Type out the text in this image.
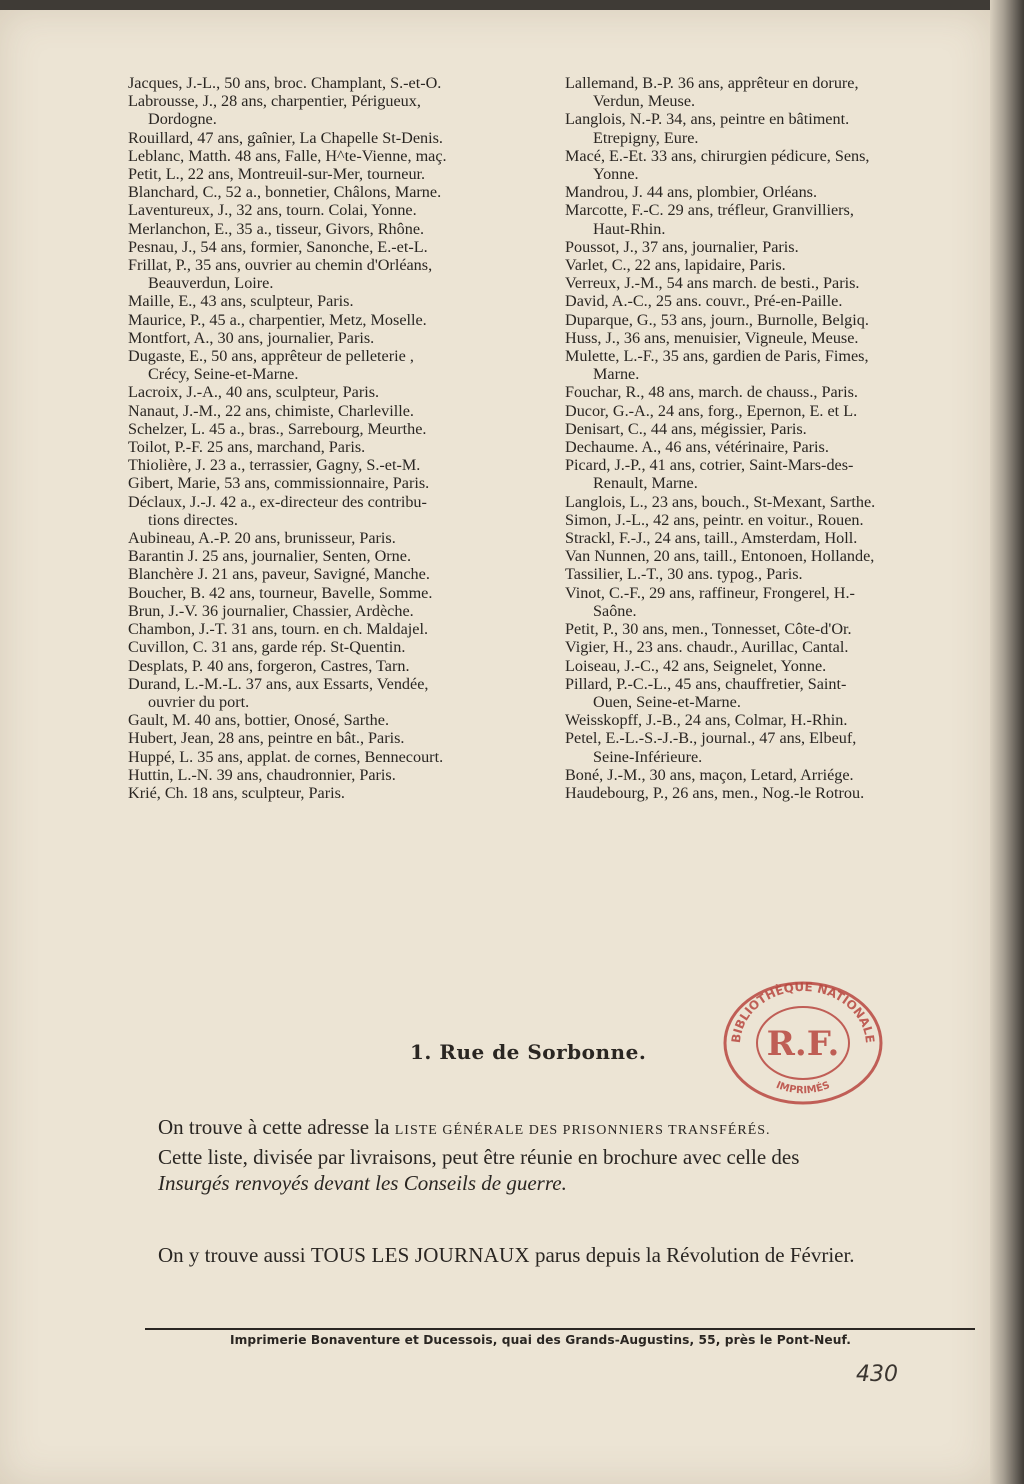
Jacques, J.-L., 50 ans, broc. Champlant, S.-et-O.
Labrousse, J., 28 ans, charpentier, Périgueux,
Dordogne.
Rouillard, 47 ans, gaînier, La Chapelle St-Denis.
Leblanc, Matth. 48 ans, Falle, H^te-Vienne, maç.
Petit, L., 22 ans, Montreuil-sur-Mer, tourneur.
Blanchard, C., 52 a., bonnetier, Châlons, Marne.
Laventureux, J., 32 ans, tourn. Colai, Yonne.
Merlanchon, E., 35 a., tisseur, Givors, Rhône.
Pesnau, J., 54 ans, formier, Sanonche, E.-et-L.
Frillat, P., 35 ans, ouvrier au chemin d'Orléans,
Beauverdun, Loire.
Maille, E., 43 ans, sculpteur, Paris.
Maurice, P., 45 a., charpentier, Metz, Moselle.
Montfort, A., 30 ans, journalier, Paris.
Dugaste, E., 50 ans, apprêteur de pelleterie ,
Crécy, Seine-et-Marne.
Lacroix, J.-A., 40 ans, sculpteur, Paris.
Nanaut, J.-M., 22 ans, chimiste, Charleville.
Schelzer, L. 45 a., bras., Sarrebourg, Meurthe.
Toilot, P.-F. 25 ans, marchand, Paris.
Thiolière, J. 23 a., terrassier, Gagny, S.-et-M.
Gibert, Marie, 53 ans, commissionnaire, Paris.
Déclaux, J.-J. 42 a., ex-directeur des contribu-
tions directes.
Aubineau, A.-P. 20 ans, brunisseur, Paris.
Barantin J. 25 ans, journalier, Senten, Orne.
Blanchère J. 21 ans, paveur, Savigné, Manche.
Boucher, B. 42 ans, tourneur, Bavelle, Somme.
Brun, J.-V. 36 journalier, Chassier, Ardèche.
Chambon, J.-T. 31 ans, tourn. en ch. Maldajel.
Cuvillon, C. 31 ans, garde rép. St-Quentin.
Desplats, P. 40 ans, forgeron, Castres, Tarn.
Durand, L.-M.-L. 37 ans, aux Essarts, Vendée,
ouvrier du port.
Gault, M. 40 ans, bottier, Onosé, Sarthe.
Hubert, Jean, 28 ans, peintre en bât., Paris.
Huppé, L. 35 ans, applat. de cornes, Bennecourt.
Huttin, L.-N. 39 ans, chaudronnier, Paris.
Krié, Ch. 18 ans, sculpteur, Paris.
Lallemand, B.-P. 36 ans, apprêteur en dorure,
Verdun, Meuse.
Langlois, N.-P. 34, ans, peintre en bâtiment.
Etrepigny, Eure.
Macé, E.-Et. 33 ans, chirurgien pédicure, Sens,
Yonne.
Mandrou, J. 44 ans, plombier, Orléans.
Marcotte, F.-C. 29 ans, tréfleur, Granvilliers,
Haut-Rhin.
Poussot, J., 37 ans, journalier, Paris.
Varlet, C., 22 ans, lapidaire, Paris.
Verreux, J.-M., 54 ans march. de besti., Paris.
David, A.-C., 25 ans. couvr., Pré-en-Paille.
Duparque, G., 53 ans, journ., Burnolle, Belgiq.
Huss, J., 36 ans, menuisier, Vigneule, Meuse.
Mulette, L.-F., 35 ans, gardien de Paris, Fimes,
Marne.
Fouchar, R., 48 ans, march. de chauss., Paris.
Ducor, G.-A., 24 ans, forg., Epernon, E. et L.
Denisart, C., 44 ans, mégissier, Paris.
Dechaume. A., 46 ans, vétérinaire, Paris.
Picard, J.-P., 41 ans, cotrier, Saint-Mars-des-
Renault, Marne.
Langlois, L., 23 ans, bouch., St-Mexant, Sarthe.
Simon, J.-L., 42 ans, peintr. en voitur., Rouen.
Strackl, F.-J., 24 ans, taill., Amsterdam, Holl.
Van Nunnen, 20 ans, taill., Entonoen, Hollande,
Tassilier, L.-T., 30 ans. typog., Paris.
Vinot, C.-F., 29 ans, raffineur, Frongerel, H.-
Saône.
Petit, P., 30 ans, men., Tonnesset, Côte-d'Or.
Vigier, H., 23 ans. chaudr., Aurillac, Cantal.
Loiseau, J.-C., 42 ans, Seignelet, Yonne.
Pillard, P.-C.-L., 45 ans, chauffretier, Saint-
Ouen, Seine-et-Marne.
Weisskopff, J.-B., 24 ans, Colmar, H.-Rhin.
Petel, E.-L.-S.-J.-B., journal., 47 ans, Elbeuf,
Seine-Inférieure.
Boné, J.-M., 30 ans, maçon, Letard, Arriége.
Haudebourg, P., 26 ans, men., Nog.-le Rotrou.
BIBLIOTHÈQUE NATIONALE
R.F.
IMPRIMÉS
1. Rue de Sorbonne.
On trouve à cette adresse la LISTE GÉNÉRALE DES PRISONNIERS TRANSFÉRÉS.
Cette liste, divisée par livraisons, peut être réunie en brochure avec celle des
Insurgés renvoyés devant les Conseils de guerre.
On y trouve aussi TOUS LES JOURNAUX parus depuis la Révolution de Février.
Imprimerie Bonaventure et Ducessois, quai des Grands-Augustins, 55, près le Pont-Neuf.
430
